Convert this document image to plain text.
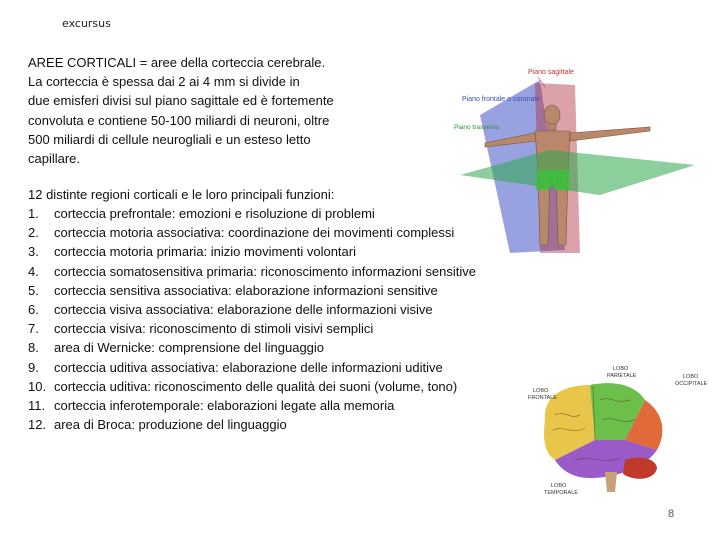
excursus
AREE CORTICALI = aree della corteccia cerebrale.
La corteccia è spessa dai 2 ai 4 mm si divide in
due emisferi divisi sul piano sagittale ed è fortemente
convoluta e contiene 50-100 miliardi di neuroni, oltre
500 miliardi di cellule neurogliali e un esteso letto
capillare.
12 distinte regioni corticali e le loro principali funzioni:
1.	corteccia prefrontale: emozioni e risoluzione di problemi
2.	corteccia motoria associativa: coordinazione dei movimenti complessi
3.	corteccia motoria primaria: inizio movimenti volontari
4.	corteccia somatosensitiva primaria: riconoscimento informazioni sensitive
5.	corteccia sensitiva associativa: elaborazione informazioni sensitive
6.	corteccia visiva associativa: elaborazione delle informazioni visive
7.	corteccia visiva: riconoscimento di stimoli visivi semplici
8.	area di Wernicke: comprensione del linguaggio
9.	corteccia uditiva associativa: elaborazione delle informazioni uditive
10. corteccia uditiva: riconoscimento delle qualità dei suoni (volume, tono)
11. corteccia inferotemporale: elaborazioni legate alla memoria
12. area di Broca: produzione del linguaggio
Piano sagittale
Piano frontale o coronale
Piano trasverso
LOBO
PARIETALE	LOBO
OCCIPITALE
LOBO
FRONTALE
LOBO
TEMPORALE
8
